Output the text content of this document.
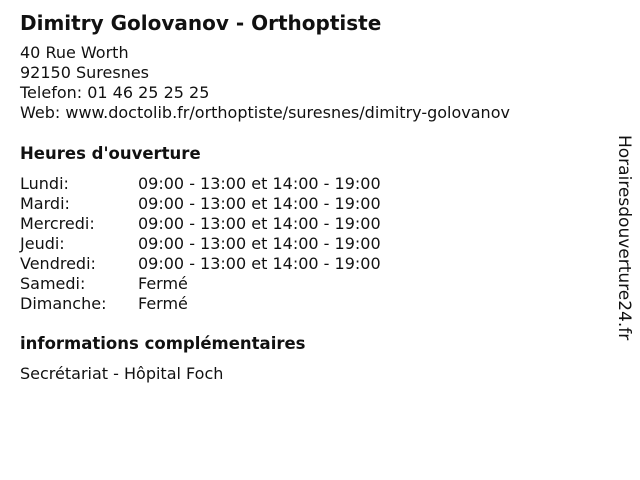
Dimitry Golovanov - Orthoptiste
40 Rue Worth
92150 Suresnes
Telefon: 01 46 25 25 25
Web: www.doctolib.fr/orthoptiste/suresnes/dimitry-golovanov
Heures d'ouverture
Lundi:	09:00 - 13:00 et 14:00 - 19:00
Mardi:	09:00 - 13:00 et 14:00 - 19:00
Mercredi:	09:00 - 13:00 et 14:00 - 19:00
Jeudi:	09:00 - 13:00 et 14:00 - 19:00
Vendredi:	09:00 - 13:00 et 14:00 - 19:00
Samedi:	Fermé
Dimanche: Fermé
informations complémentaires
Secrétariat - Hôpital Foch
Horairesdouverture24.fr
